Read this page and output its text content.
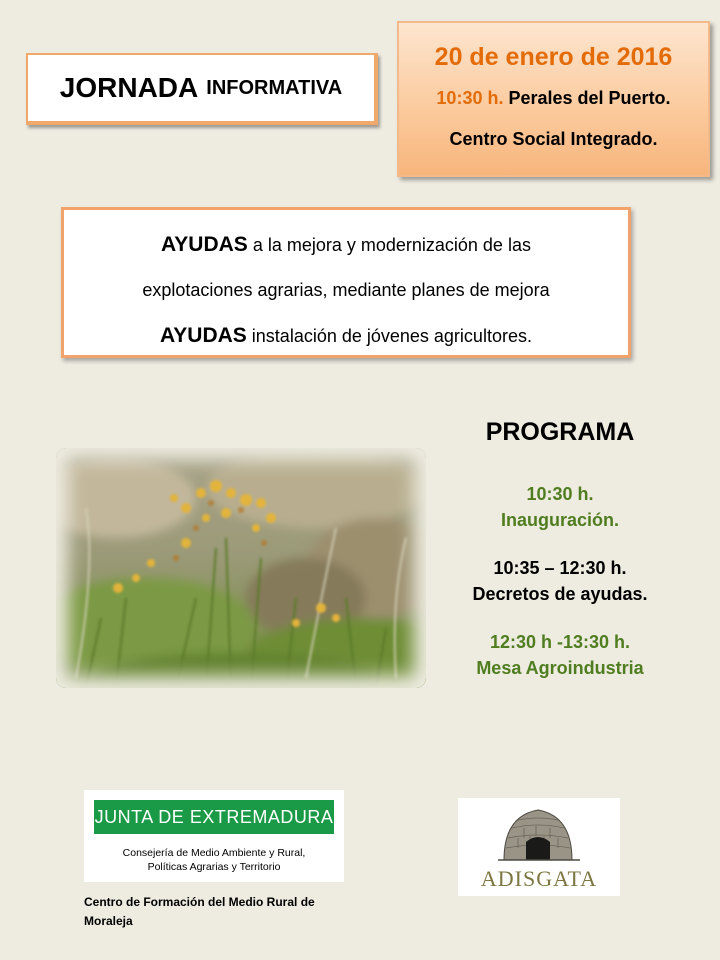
JORNADA INFORMATIVA
20 de enero de 2016
10:30 h. Perales del Puerto.
Centro Social Integrado.

AYUDAS a la mejora y modernización de las

explotaciones agrarias, mediante planes de mejora

AYUDAS instalación de jóvenes agricultores.

PROGRAMA
10:30 h.
Inauguración.
10:35 – 12:30 h.
Decretos de ayudas.
12:30 h -13:30 h.
Mesa Agroindustria
JUNTA DE EXTREMADURA
Consejería de Medio Ambiente y Rural,
Políticas Agrarias y Territorio
Centro de Formación del Medio Rural de Moraleja
ADISGATA
